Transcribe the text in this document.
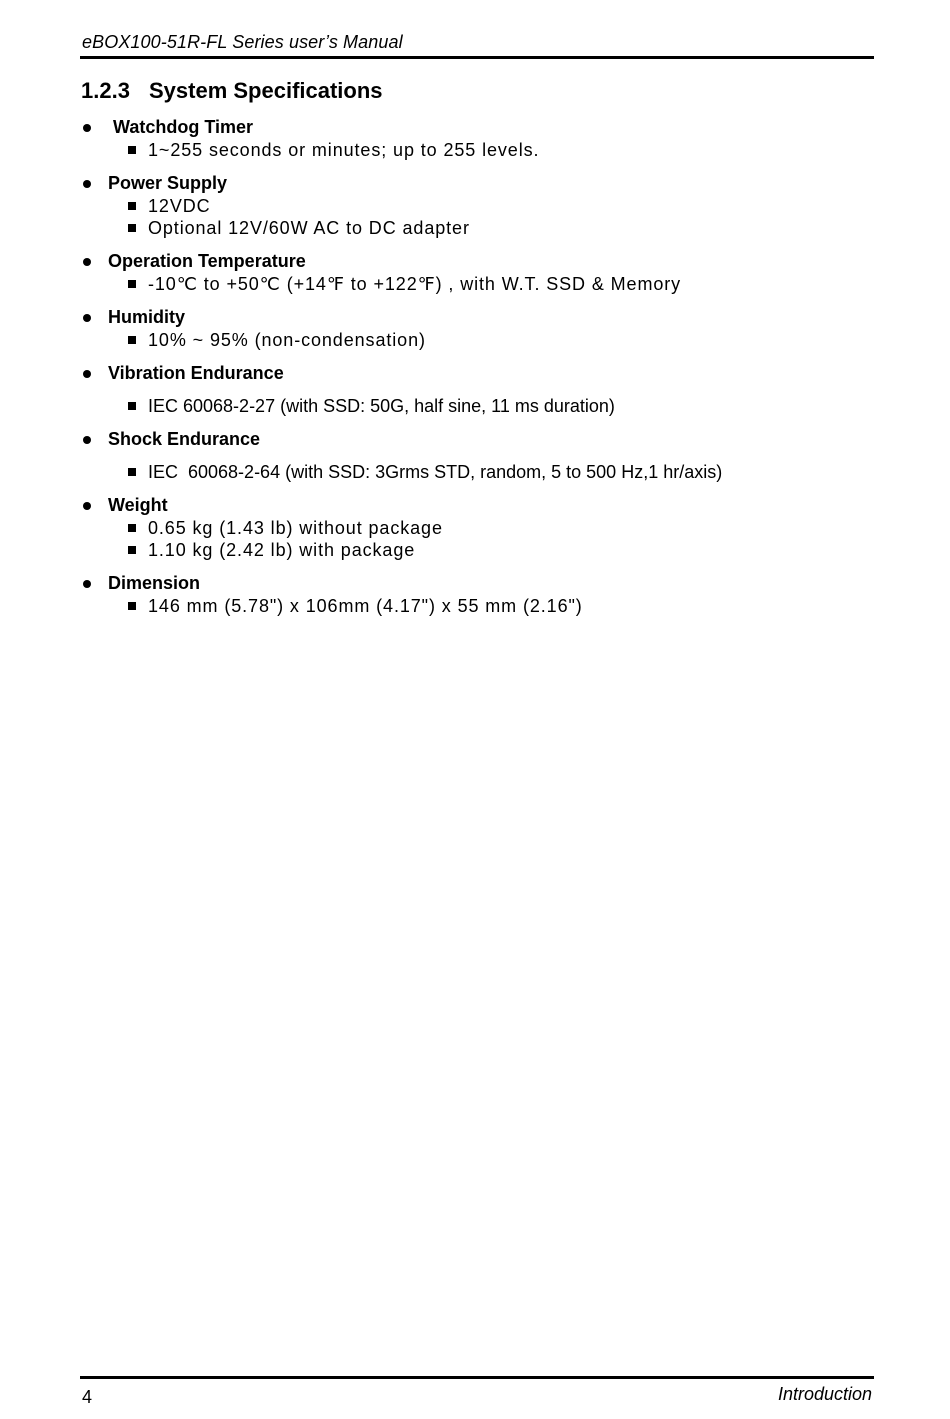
eBOX100-51R-FL Series user’s Manual
1.2.3 System Specifications
Watchdog Timer
1~255 seconds or minutes; up to 255 levels.
Power Supply
12VDC
Optional 12V/60W AC to DC adapter
Operation Temperature
-10℃ to +50℃ (+14℉ to +122℉) , with W.T. SSD & Memory
Humidity
10% ~ 95% (non-condensation)
Vibration Endurance
IEC 60068-2-27 (with SSD: 50G, half sine, 11 ms duration)
Shock Endurance
IEC  60068-2-64 (with SSD: 3Grms STD, random, 5 to 500 Hz,1 hr/axis)
Weight
0.65 kg (1.43 lb) without package
1.10 kg (2.42 lb) with package
Dimension
146 mm (5.78") x 106mm (4.17") x 55 mm (2.16")
4	Introduction
